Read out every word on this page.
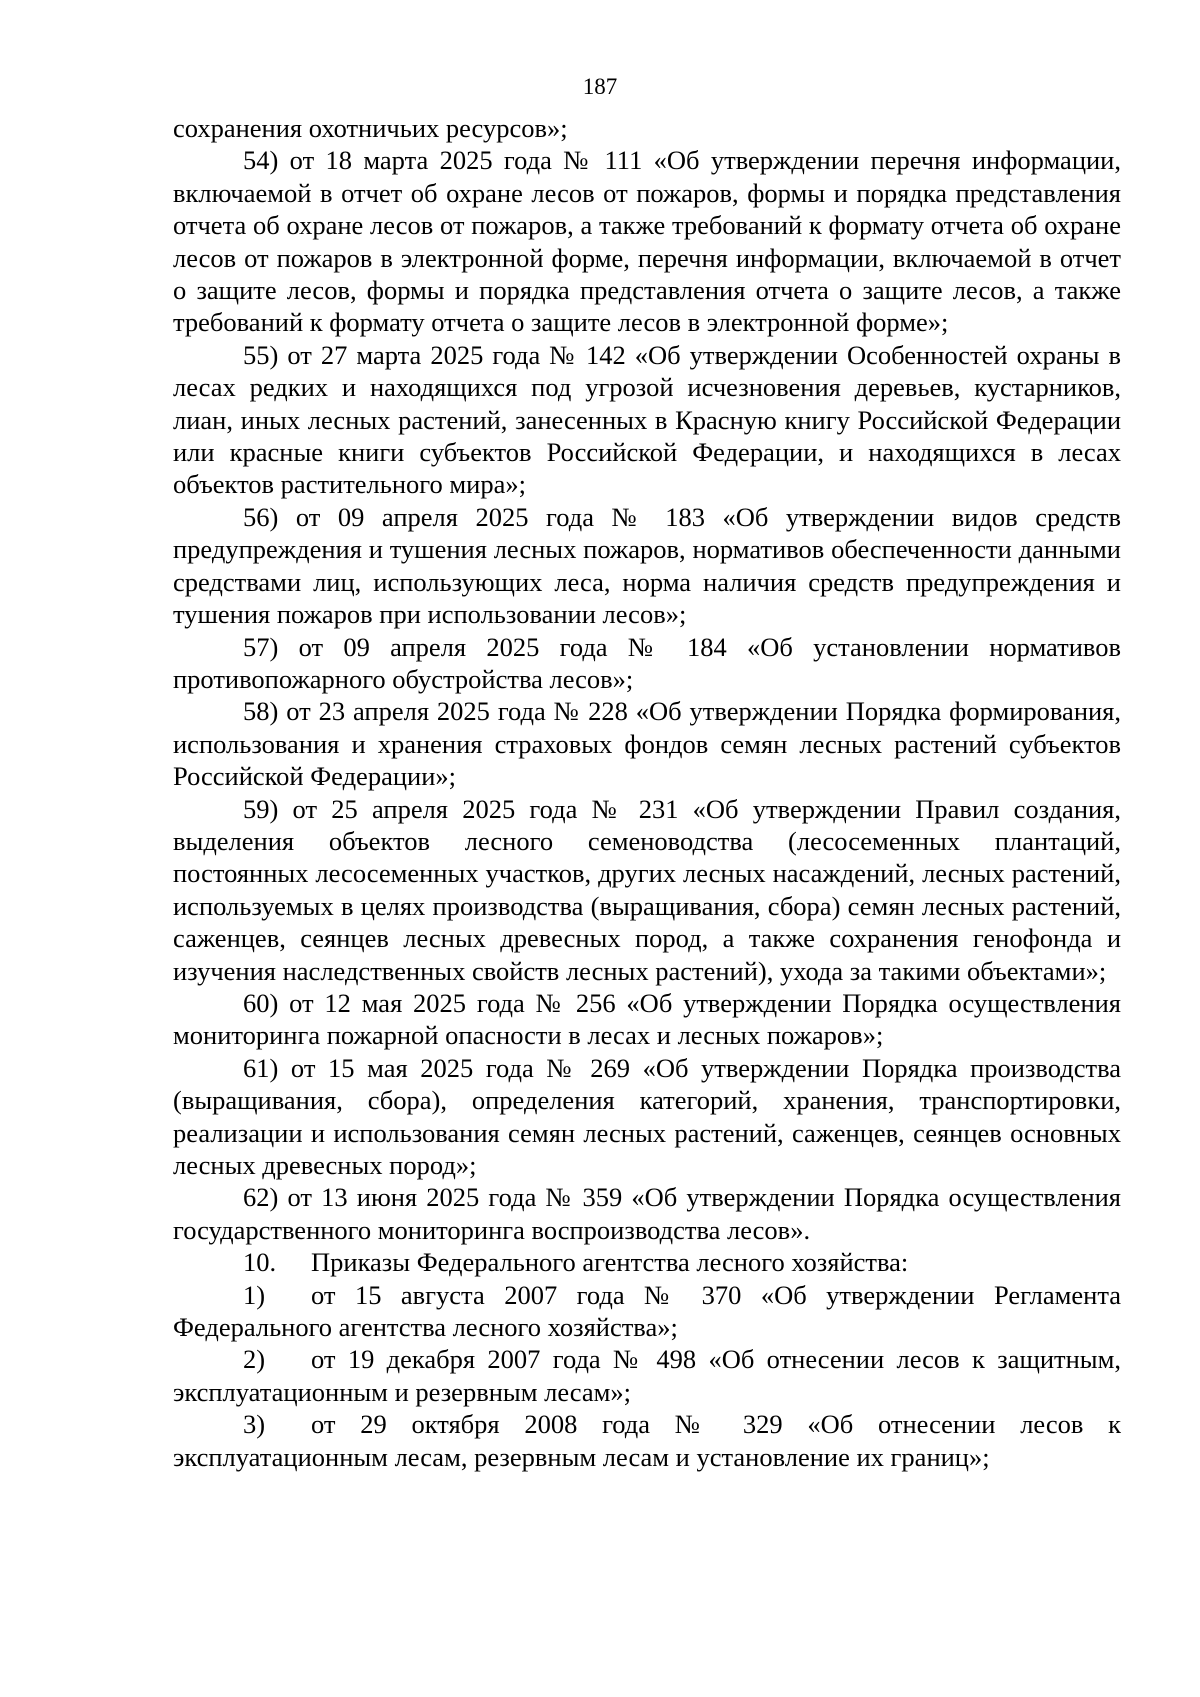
187

сохранения охотничьих ресурсов»;

54) от 18 марта 2025 года № 111 «Об утверждении перечня информации, включаемой в отчет об охране лесов от пожаров, формы и порядка представления отчета об охране лесов от пожаров, а также требований к формату отчета об охране лесов от пожаров в электронной форме, перечня информации, включаемой в отчет о защите лесов, формы и порядка представления отчета о защите лесов, а также требований к формату отчета о защите лесов в электронной форме»;

55) от 27 марта 2025 года № 142 «Об утверждении Особенностей охраны в лесах редких и находящихся под угрозой исчезновения деревьев, кустарников, лиан, иных лесных растений, занесенных в Красную книгу Российской Федерации или красные книги субъектов Российской Федерации, и находящихся в лесах объектов растительного мира»;

56) от 09 апреля 2025 года № 183 «Об утверждении видов средств предупреждения и тушения лесных пожаров, нормативов обеспеченности данными средствами лиц, использующих леса, норма наличия средств предупреждения и тушения пожаров при использовании лесов»;

57) от 09 апреля 2025 года № 184 «Об установлении нормативов противопожарного обустройства лесов»;

58) от 23 апреля 2025 года № 228 «Об утверждении Порядка формирования, использования и хранения страховых фондов семян лесных растений субъектов Российской Федерации»;

59) от 25 апреля 2025 года № 231 «Об утверждении Правил создания, выделения объектов лесного семеноводства (лесосеменных плантаций, постоянных лесосеменных участков, других лесных насаждений, лесных растений, используемых в целях производства (выращивания, сбора) семян лесных растений, саженцев, сеянцев лесных древесных пород, а также сохранения генофонда и изучения наследственных свойств лесных растений), ухода за такими объектами»;

60) от 12 мая 2025 года № 256 «Об утверждении Порядка осуществления мониторинга пожарной опасности в лесах и лесных пожаров»;

61) от 15 мая 2025 года № 269 «Об утверждении Порядка производства (выращивания, сбора), определения категорий, хранения, транспортировки, реализации и использования семян лесных растений, саженцев, сеянцев основных лесных древесных пород»;

62) от 13 июня 2025 года № 359 «Об утверждении Порядка осуществления государственного мониторинга воспроизводства лесов».

10. Приказы Федерального агентства лесного хозяйства:

1) от 15 августа 2007 года № 370 «Об утверждении Регламента Федерального агентства лесного хозяйства»;

2) от 19 декабря 2007 года № 498 «Об отнесении лесов к защитным, эксплуатационным и резервным лесам»;

3) от 29 октября 2008 года № 329 «Об отнесении лесов к эксплуатационным лесам, резервным лесам и установление их границ»;
